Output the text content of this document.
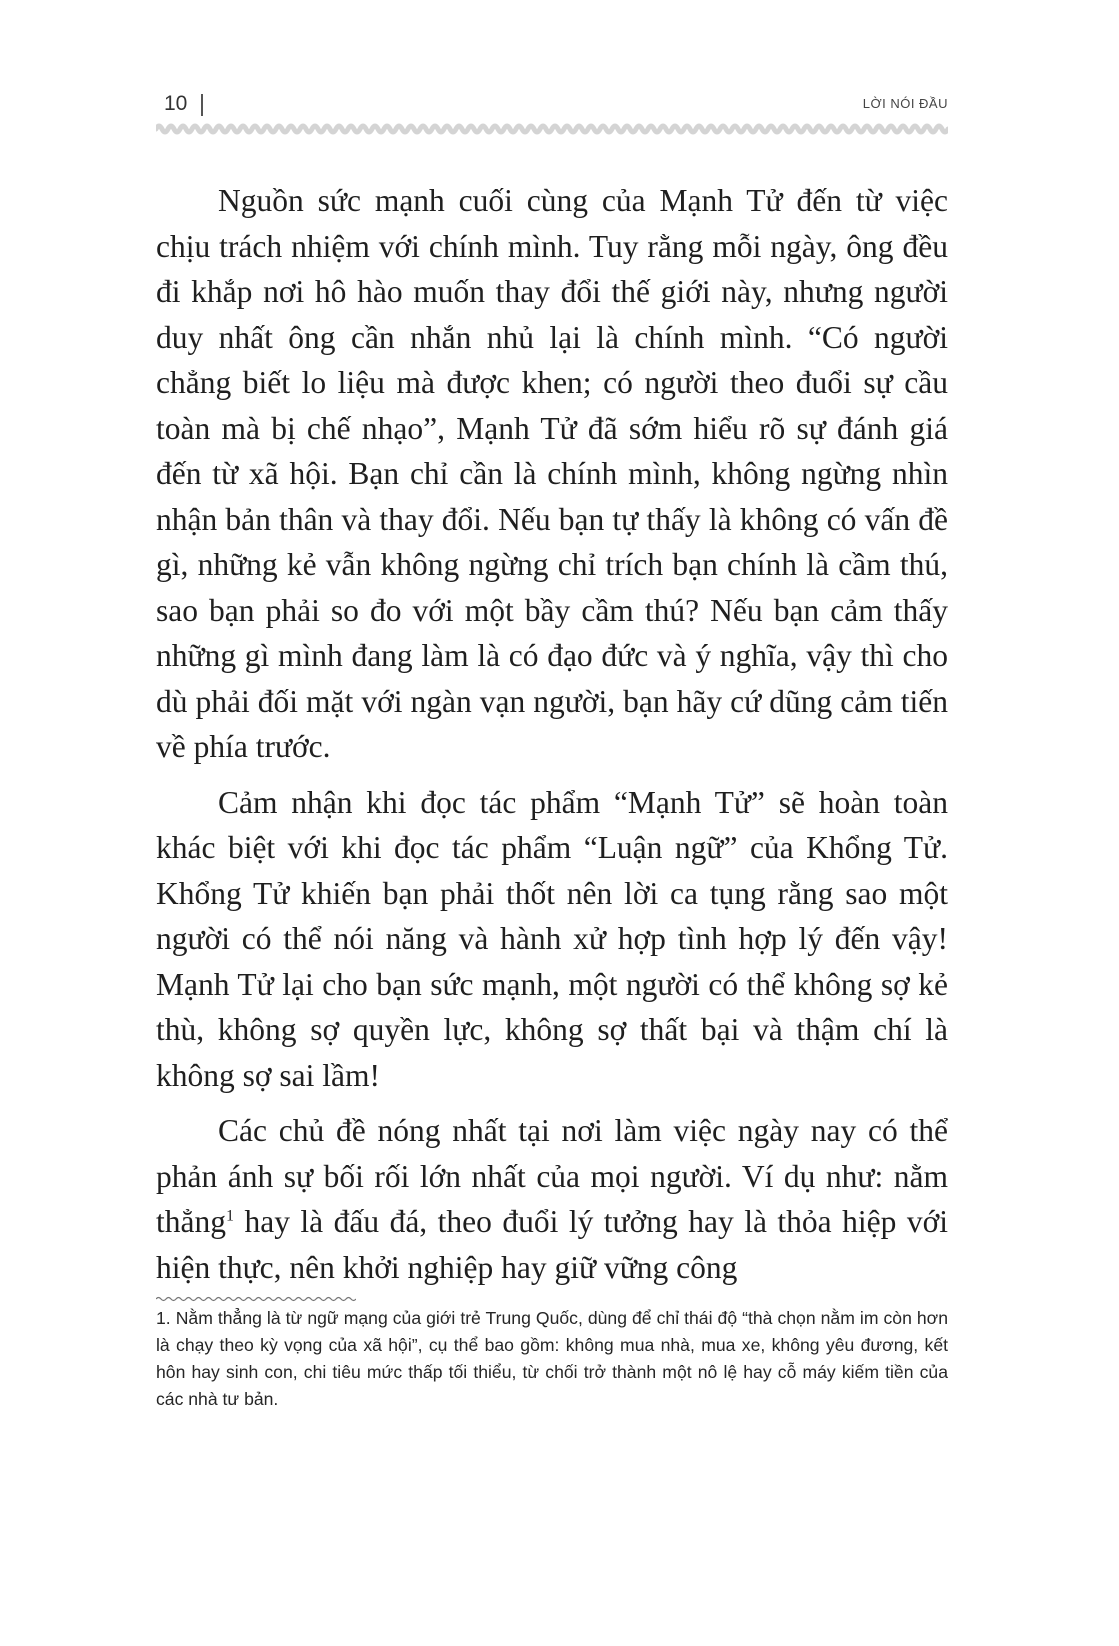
10	LỜI NÓI ĐẦU

Nguồn sức mạnh cuối cùng của Mạnh Tử đến từ việc chịu trách nhiệm với chính mình. Tuy rằng mỗi ngày, ông đều đi khắp nơi hô hào muốn thay đổi thế giới này, nhưng người duy nhất ông cần nhắn nhủ lại là chính mình. “Có người chẳng biết lo liệu mà được khen; có người theo đuổi sự cầu toàn mà bị chế nhạo”, Mạnh Tử đã sớm hiểu rõ sự đánh giá đến từ xã hội. Bạn chỉ cần là chính mình, không ngừng nhìn nhận bản thân và thay đổi. Nếu bạn tự thấy là không có vấn đề gì, những kẻ vẫn không ngừng chỉ trích bạn chính là cầm thú, sao bạn phải so đo với một bầy cầm thú? Nếu bạn cảm thấy những gì mình đang làm là có đạo đức và ý nghĩa, vậy thì cho dù phải đối mặt với ngàn vạn người, bạn hãy cứ dũng cảm tiến về phía trước.

Cảm nhận khi đọc tác phẩm “Mạnh Tử” sẽ hoàn toàn khác biệt với khi đọc tác phẩm “Luận ngữ” của Khổng Tử. Khổng Tử khiến bạn phải thốt nên lời ca tụng rằng sao một người có thể nói năng và hành xử hợp tình hợp lý đến vậy! Mạnh Tử lại cho bạn sức mạnh, một người có thể không sợ kẻ thù, không sợ quyền lực, không sợ thất bại và thậm chí là không sợ sai lầm!

Các chủ đề nóng nhất tại nơi làm việc ngày nay có thể phản ánh sự bối rối lớn nhất của mọi người. Ví dụ như: nằm thẳng$^1$ hay là đấu đá, theo đuổi lý tưởng hay là thỏa hiệp với hiện thực, nên khởi nghiệp hay giữ vững công

1. Nằm thẳng là từ ngữ mạng của giới trẻ Trung Quốc, dùng để chỉ thái độ “thà chọn nằm im còn hơn là chạy theo kỳ vọng của xã hội”, cụ thể bao gồm: không mua nhà, mua xe, không yêu đương, kết hôn hay sinh con, chi tiêu mức thấp tối thiểu, từ chối trở thành một nô lệ hay cỗ máy kiếm tiền của các nhà tư bản.
